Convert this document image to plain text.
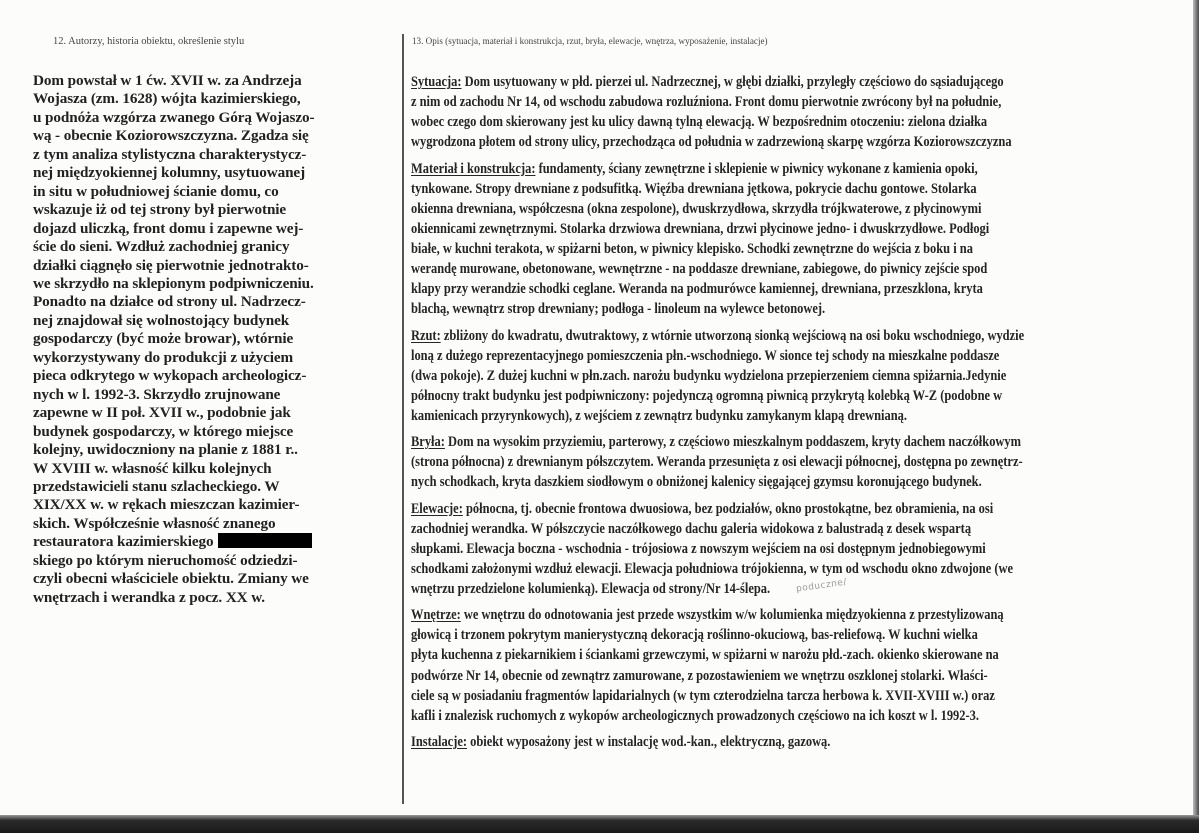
12. Autorzy, historia obiektu, określenie stylu
Dom powstał w 1 ćw. XVII w. za Andrzeja
Wojasza (zm. 1628) wójta kazimierskiego,
u podnóża wzgórza zwanego Górą Wojaszo-
wą - obecnie Koziorowszczyzna. Zgadza się
z tym analiza stylistyczna charakterystycz-
nej międzyokiennej kolumny, usytuowanej
in situ w południowej ścianie domu, co
wskazuje iż od tej strony był pierwotnie
dojazd uliczką, front domu i zapewne wej-
ście do sieni. Wzdłuż zachodniej granicy
działki ciągnęło się pierwotnie jednotrakto-
we skrzydło na sklepionym podpiwniczeniu.
Ponadto na działce od strony ul. Nadrzecz-
nej znajdował się wolnostojący budynek
gospodarczy (być może browar), wtórnie
wykorzystywany do produkcji z użyciem
pieca odkrytego w wykopach archeologicz-
nych w l. 1992-3. Skrzydło zrujnowane
zapewne w II poł. XVII w., podobnie jak
budynek gospodarczy, w którego miejsce
kolejny, uwidoczniony na planie z 1881 r..
W XVIII w. własność kilku kolejnych
przedstawicieli stanu szlacheckiego. W
XIX/XX w. w rękach mieszczan kazimier-
skich. Współcześnie własność znanego
restauratora kazimierskiego
skiego po którym nieruchomość odziedzi-
czyli obecni właściciele obiektu. Zmiany we
wnętrzach i werandka z pocz. XX w.
13. Opis (sytuacja, materiał i konstrukcja, rzut, bryła, elewacje, wnętrza, wyposażenie, instalacje)
Sytuacja: Dom usytuowany w płd. pierzei ul. Nadrzecznej, w głębi działki, przyległy częściowo do sąsiadującego
z nim od zachodu Nr 14, od wschodu zabudowa rozluźniona. Front domu pierwotnie zwrócony był na południe,
wobec czego dom skierowany jest ku ulicy dawną tylną elewacją. W bezpośrednim otoczeniu: zielona działka
wygrodzona płotem od strony ulicy, przechodząca od południa w zadrzewioną skarpę wzgórza Koziorowszczyzna
Materiał i konstrukcja: fundamenty, ściany zewnętrzne i sklepienie w piwnicy wykonane z kamienia opoki,
tynkowane. Stropy drewniane z podsufitką. Więźba drewniana jętkowa, pokrycie dachu gontowe. Stolarka
okienna drewniana, współczesna (okna zespolone), dwuskrzydłowa, skrzydła trójkwaterowe, z płycinowymi
okiennicami zewnętrznymi. Stolarka drzwiowa drewniana, drzwi płycinowe jedno- i dwuskrzydłowe. Podłogi
białe, w kuchni terakota, w spiżarni beton, w piwnicy klepisko. Schodki zewnętrzne do wejścia z boku i na
werandę murowane, obetonowane, wewnętrzne - na poddasze drewniane, zabiegowe, do piwnicy zejście spod
klapy przy werandzie schodki ceglane. Weranda na podmurówce kamiennej, drewniana, przeszklona, kryta
blachą, wewnątrz strop drewniany; podłoga - linoleum na wylewce betonowej.
Rzut: zbliżony do kwadratu, dwutraktowy, z wtórnie utworzoną sionką wejściową na osi boku wschodniego, wydzie
loną z dużego reprezentacyjnego pomieszczenia płn.-wschodniego. W sionce tej schody na mieszkalne poddasze
(dwa pokoje). Z dużej kuchni w płn.zach. narożu budynku wydzielona przepierzeniem ciemna spiżarnia.Jedynie
północny trakt budynku jest podpiwniczony: pojedynczą ogromną piwnicą przykrytą kolebką W-Z (podobne w
kamienicach przyrynkowych), z wejściem z zewnątrz budynku zamykanym klapą drewnianą.
Bryła: Dom na wysokim przyziemiu, parterowy, z częściowo mieszkalnym poddaszem, kryty dachem naczółkowym
(strona północna) z drewnianym półszczytem. Weranda przesunięta z osi elewacji północnej, dostępna po zewnętrz-
nych schodkach, kryta daszkiem siodłowym o obniżonej kalenicy sięgającej gzymsu koronującego budynek.
Elewacje: północna, tj. obecnie frontowa dwuosiowa, bez podziałów, okno prostokątne, bez obramienia, na osi
zachodniej werandka. W półszczycie naczółkowego dachu galeria widokowa z balustradą z desek wspartą
słupkami. Elewacja boczna - wschodnia - trójosiowa z nowszym wejściem na osi dostępnym jednobiegowymi
schodkami założonymi wzdłuż elewacji. Elewacja południowa trójokienna, w tym od wschodu okno zdwojone (we
wnętrzu przedzielone kolumienką). Elewacja od strony/Nr 14-ślepa.
Wnętrze: we wnętrzu do odnotowania jest przede wszystkim w/w kolumienka międzyokienna z przestylizowaną
głowicą i trzonem pokrytym manierystyczną dekoracją roślinno-okuciową, bas-reliefową. W kuchni wielka
płyta kuchenna z piekarnikiem i ściankami grzewczymi, w spiżarni w narożu płd.-zach. okienko skierowane na
podwórze Nr 14, obecnie od zewnątrz zamurowane, z pozostawieniem we wnętrzu oszklonej stolarki. Właści-
ciele są w posiadaniu fragmentów lapidarialnych (w tym czterodzielna tarcza herbowa k. XVII-XVIII w.) oraz
kafli i znalezisk ruchomych z wykopów archeologicznych prowadzonych częściowo na ich koszt w l. 1992-3.
Instalacje: obiekt wyposażony jest w instalację wod.-kan., elektryczną, gazową.
poduczne/
